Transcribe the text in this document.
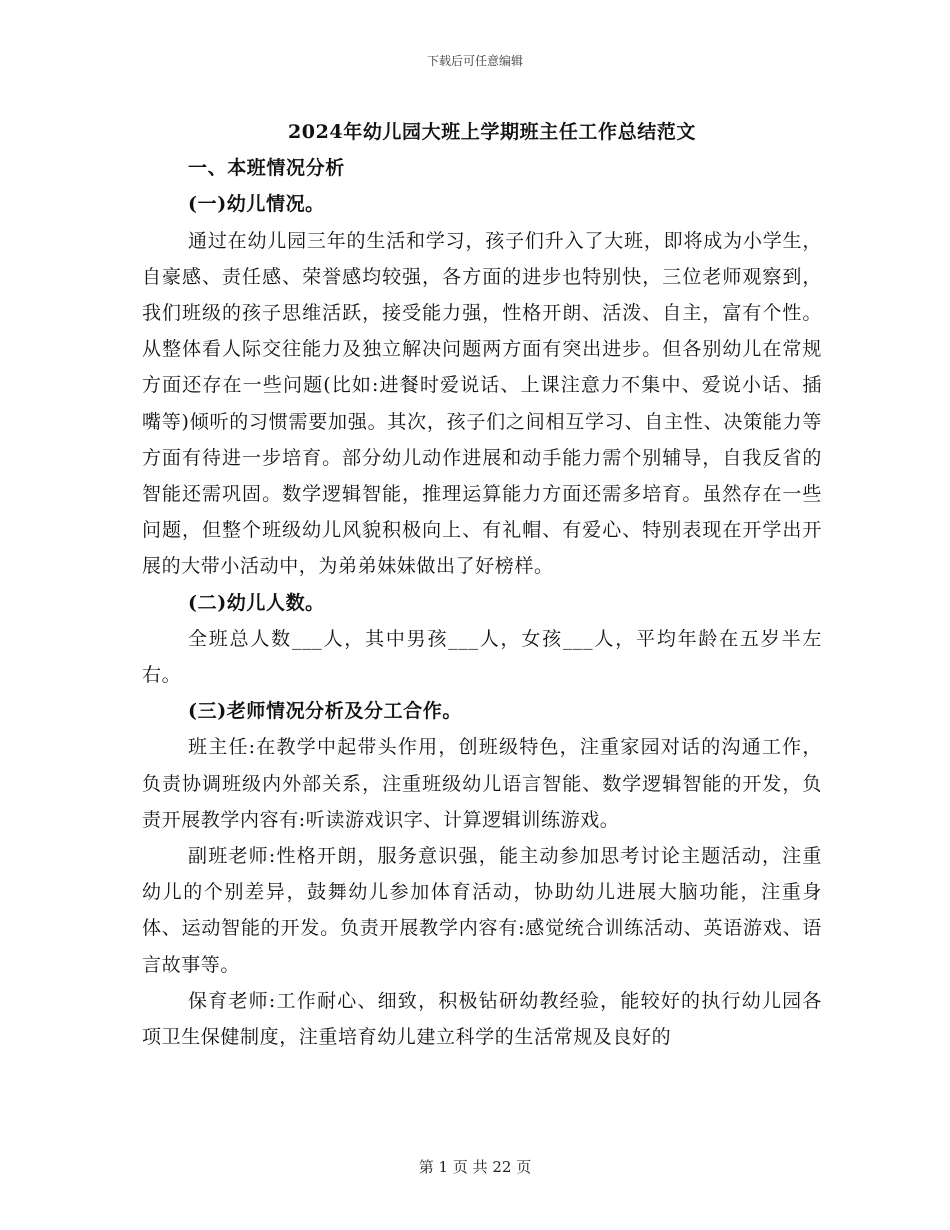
下载后可任意编辑

2024年幼儿园大班上学期班主任工作总结范文

一、本班情况分析

(一)幼儿情况。

通过在幼儿园三年的生活和学习，孩子们升入了大班，即将成为小学生，自豪感、责任感、荣誉感均较强，各方面的进步也特别快，三位老师观察到，我们班级的孩子思维活跃，接受能力强，性格开朗、活泼、自主，富有个性。从整体看人际交往能力及独立解决问题两方面有突出进步。但各别幼儿在常规方面还存在一些问题(比如:进餐时爱说话、上课注意力不集中、爱说小话、插嘴等)倾听的习惯需要加强。其次，孩子们之间相互学习、自主性、决策能力等方面有待进一步培育。部分幼儿动作进展和动手能力需个别辅导，自我反省的智能还需巩固。数学逻辑智能，推理运算能力方面还需多培育。虽然存在一些问题，但整个班级幼儿风貌积极向上、有礼帽、有爱心、特别表现在开学出开展的大带小活动中，为弟弟妹妹做出了好榜样。

(二)幼儿人数。

全班总人数___人，其中男孩___人，女孩___人，平均年龄在五岁半左右。

(三)老师情况分析及分工合作。

班主任:在教学中起带头作用，创班级特色，注重家园对话的沟通工作，负责协调班级内外部关系，注重班级幼儿语言智能、数学逻辑智能的开发，负责开展教学内容有:听读游戏识字、计算逻辑训练游戏。

副班老师:性格开朗，服务意识强，能主动参加思考讨论主题活动，注重幼儿的个别差异，鼓舞幼儿参加体育活动，协助幼儿进展大脑功能，注重身体、运动智能的开发。负责开展教学内容有:感觉统合训练活动、英语游戏、语言故事等。

保育老师:工作耐心、细致，积极钻研幼教经验，能较好的执行幼儿园各项卫生保健制度，注重培育幼儿建立科学的生活常规及良好的

第 1 页 共 22 页
